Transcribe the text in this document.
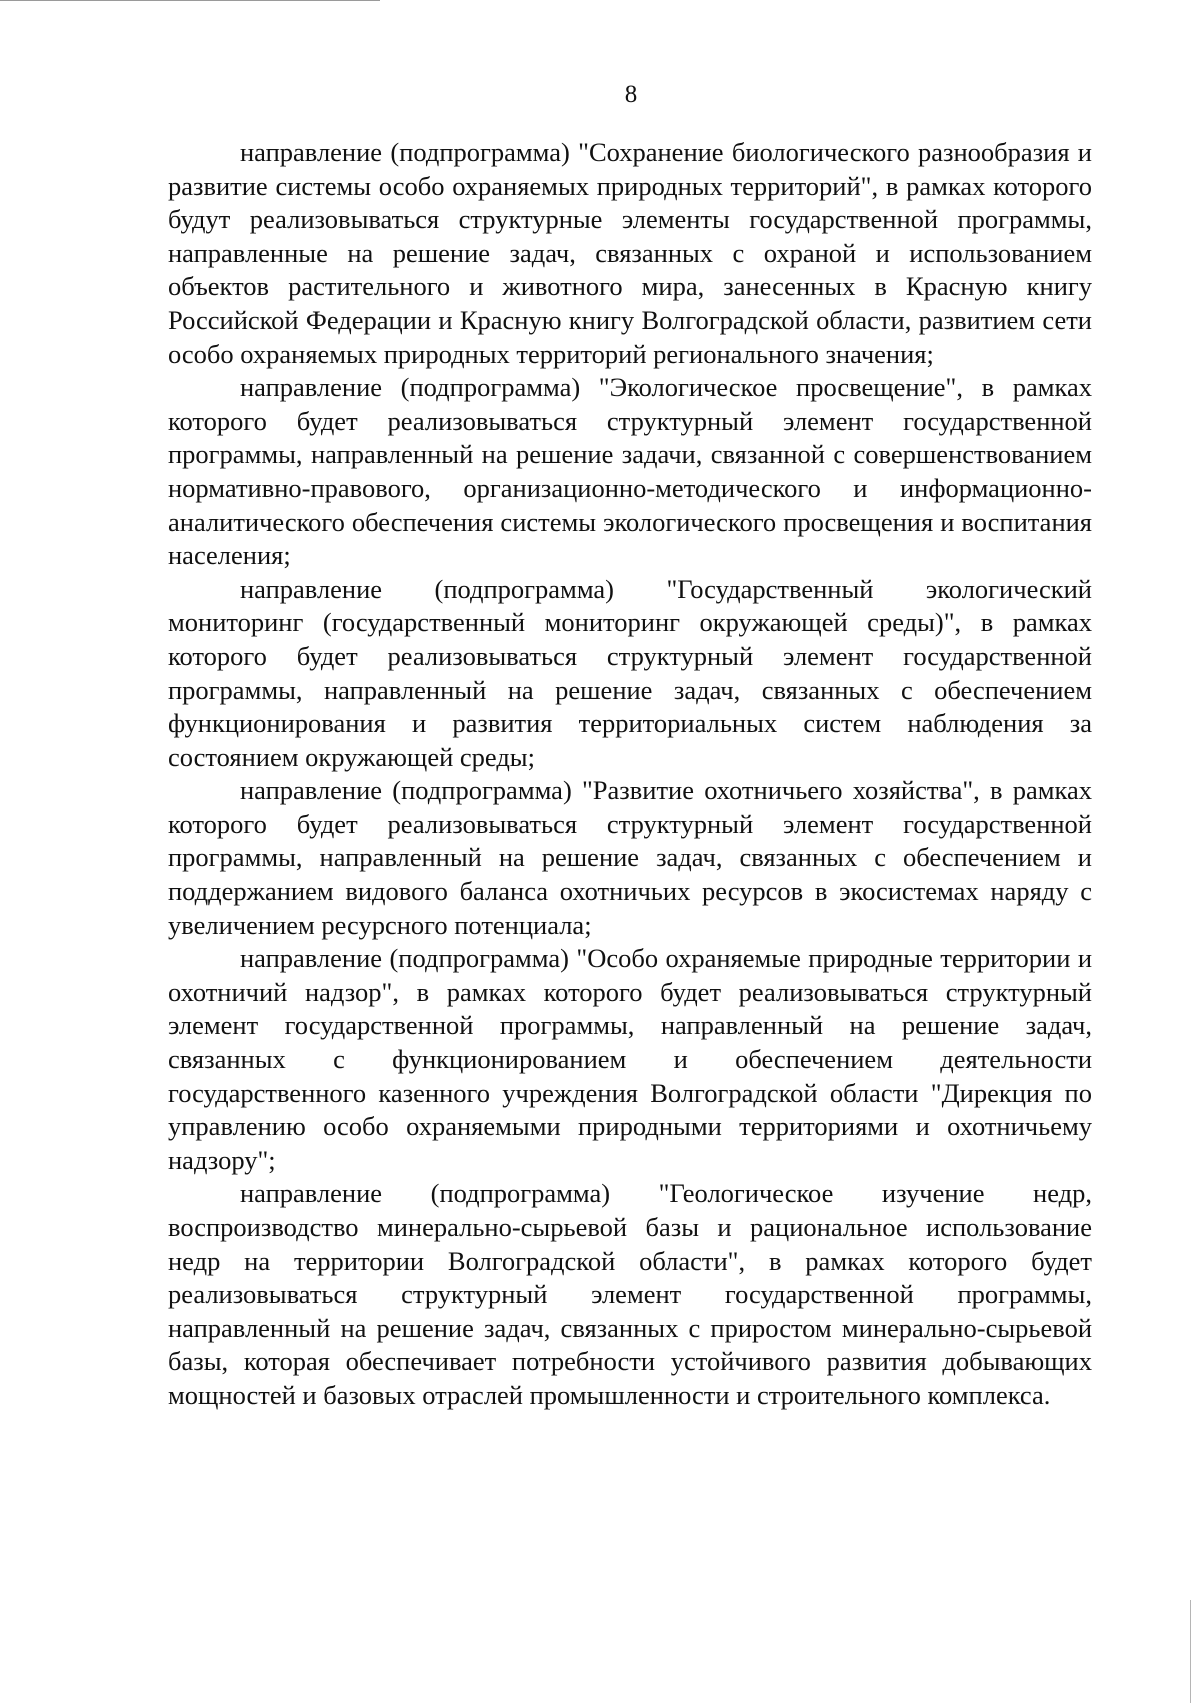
8

направление (подпрограмма) "Сохранение биологического разнообразия и развитие системы особо охраняемых природных территорий", в рамках которого будут реализовываться структурные элементы государственной программы, направленные на решение задач, связанных с охраной и использованием объектов растительного и животного мира, занесенных в Красную книгу Российской Федерации и Красную книгу Волгоградской области, развитием сети особо охраняемых природных территорий регионального значения;

направление (подпрограмма) "Экологическое просвещение", в рамках которого будет реализовываться структурный элемент государственной программы, направленный на решение задачи, связанной с совершенствованием нормативно-правового, организационно-методического и информационно-аналитического обеспечения системы экологического просвещения и воспитания населения;

направление (подпрограмма) "Государственный экологический мониторинг (государственный мониторинг окружающей среды)", в рамках которого будет реализовываться структурный элемент государственной программы, направленный на решение задач, связанных с обеспечением функционирования и развития территориальных систем наблюдения за состоянием окружающей среды;

направление (подпрограмма) "Развитие охотничьего хозяйства", в рамках которого будет реализовываться структурный элемент государственной программы, направленный на решение задач, связанных с обеспечением и поддержанием видового баланса охотничьих ресурсов в экосистемах наряду с увеличением ресурсного потенциала;

направление (подпрограмма) "Особо охраняемые природные территории и охотничий надзор", в рамках которого будет реализовываться структурный элемент государственной программы, направленный на решение задач, связанных с функционированием и обеспечением деятельности государственного казенного учреждения Волгоградской области "Дирекция по управлению особо охраняемыми природными территориями и охотничьему надзору";

направление (подпрограмма) "Геологическое изучение недр, воспроизводство минерально-сырьевой базы и рациональное использование недр на территории Волгоградской области", в рамках которого будет реализовываться структурный элемент государственной программы, направленный на решение задач, связанных с приростом минерально-сырьевой базы, которая обеспечивает потребности устойчивого развития добывающих мощностей и базовых отраслей промышленности и строительного комплекса.
